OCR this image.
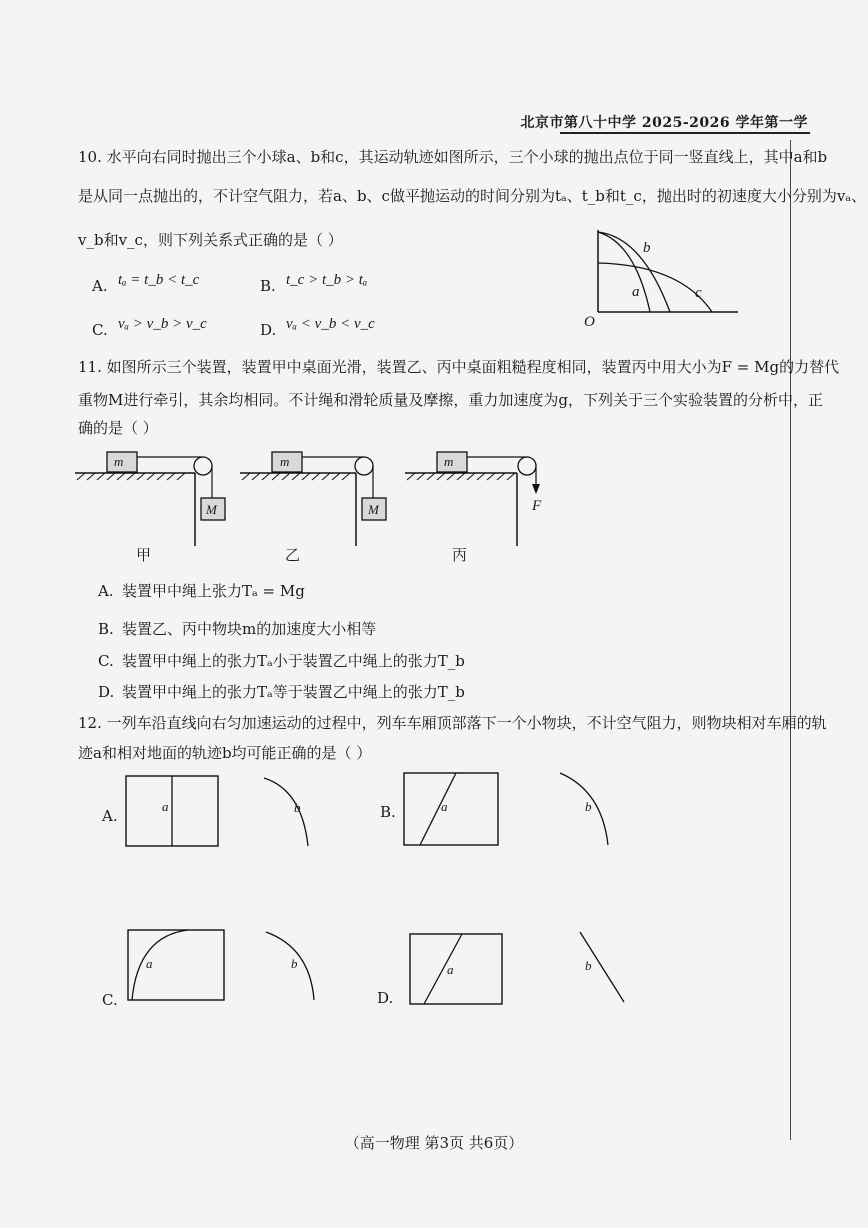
北京市第八十中学 2025-2026 学年第一学
10. 水平向右同时抛出三个小球a、b和c，其运动轨迹如图所示，三个小球的抛出点位于同一竖直线上，其中a和b
是从同一点抛出的，不计空气阻力，若a、b、c做平抛运动的时间分别为tₐ、t_b和t_c，抛出时的初速度大小分别为vₐ、
v_b和v_c，则下列关系式正确的是（ ）
A. tₐ = t_b < t_c	B. t_c > t_b > tₐ
C. vₐ > v_b > v_c	D. vₐ < v_b < v_c
b
a	c
O
11. 如图所示三个装置，装置甲中桌面光滑，装置乙、丙中桌面粗糙程度相同，装置丙中用大小为F = Mg的力替代
重物M进行牵引，其余均相同。不计绳和滑轮质量及摩擦，重力加速度为g，下列关于三个实验装置的分析中，正
确的是（ ）
m
M
甲
m
M
乙
m
F
丙
A. 装置甲中绳上张力Tₐ = Mg
B. 装置乙、丙中物块m的加速度大小相等
C. 装置甲中绳上的张力Tₐ小于装置乙中绳上的张力T_b
D. 装置甲中绳上的张力Tₐ等于装置乙中绳上的张力T_b
12. 一列车沿直线向右匀加速运动的过程中，列车车厢顶部落下一个小物块，不计空气阻力，则物块相对车厢的轨
迹a和相对地面的轨迹b均可能正确的是（ ）
A.
a	b	B.	a	b
C.
a	b
D.
a	b
（高一物理 第3页 共6页）
